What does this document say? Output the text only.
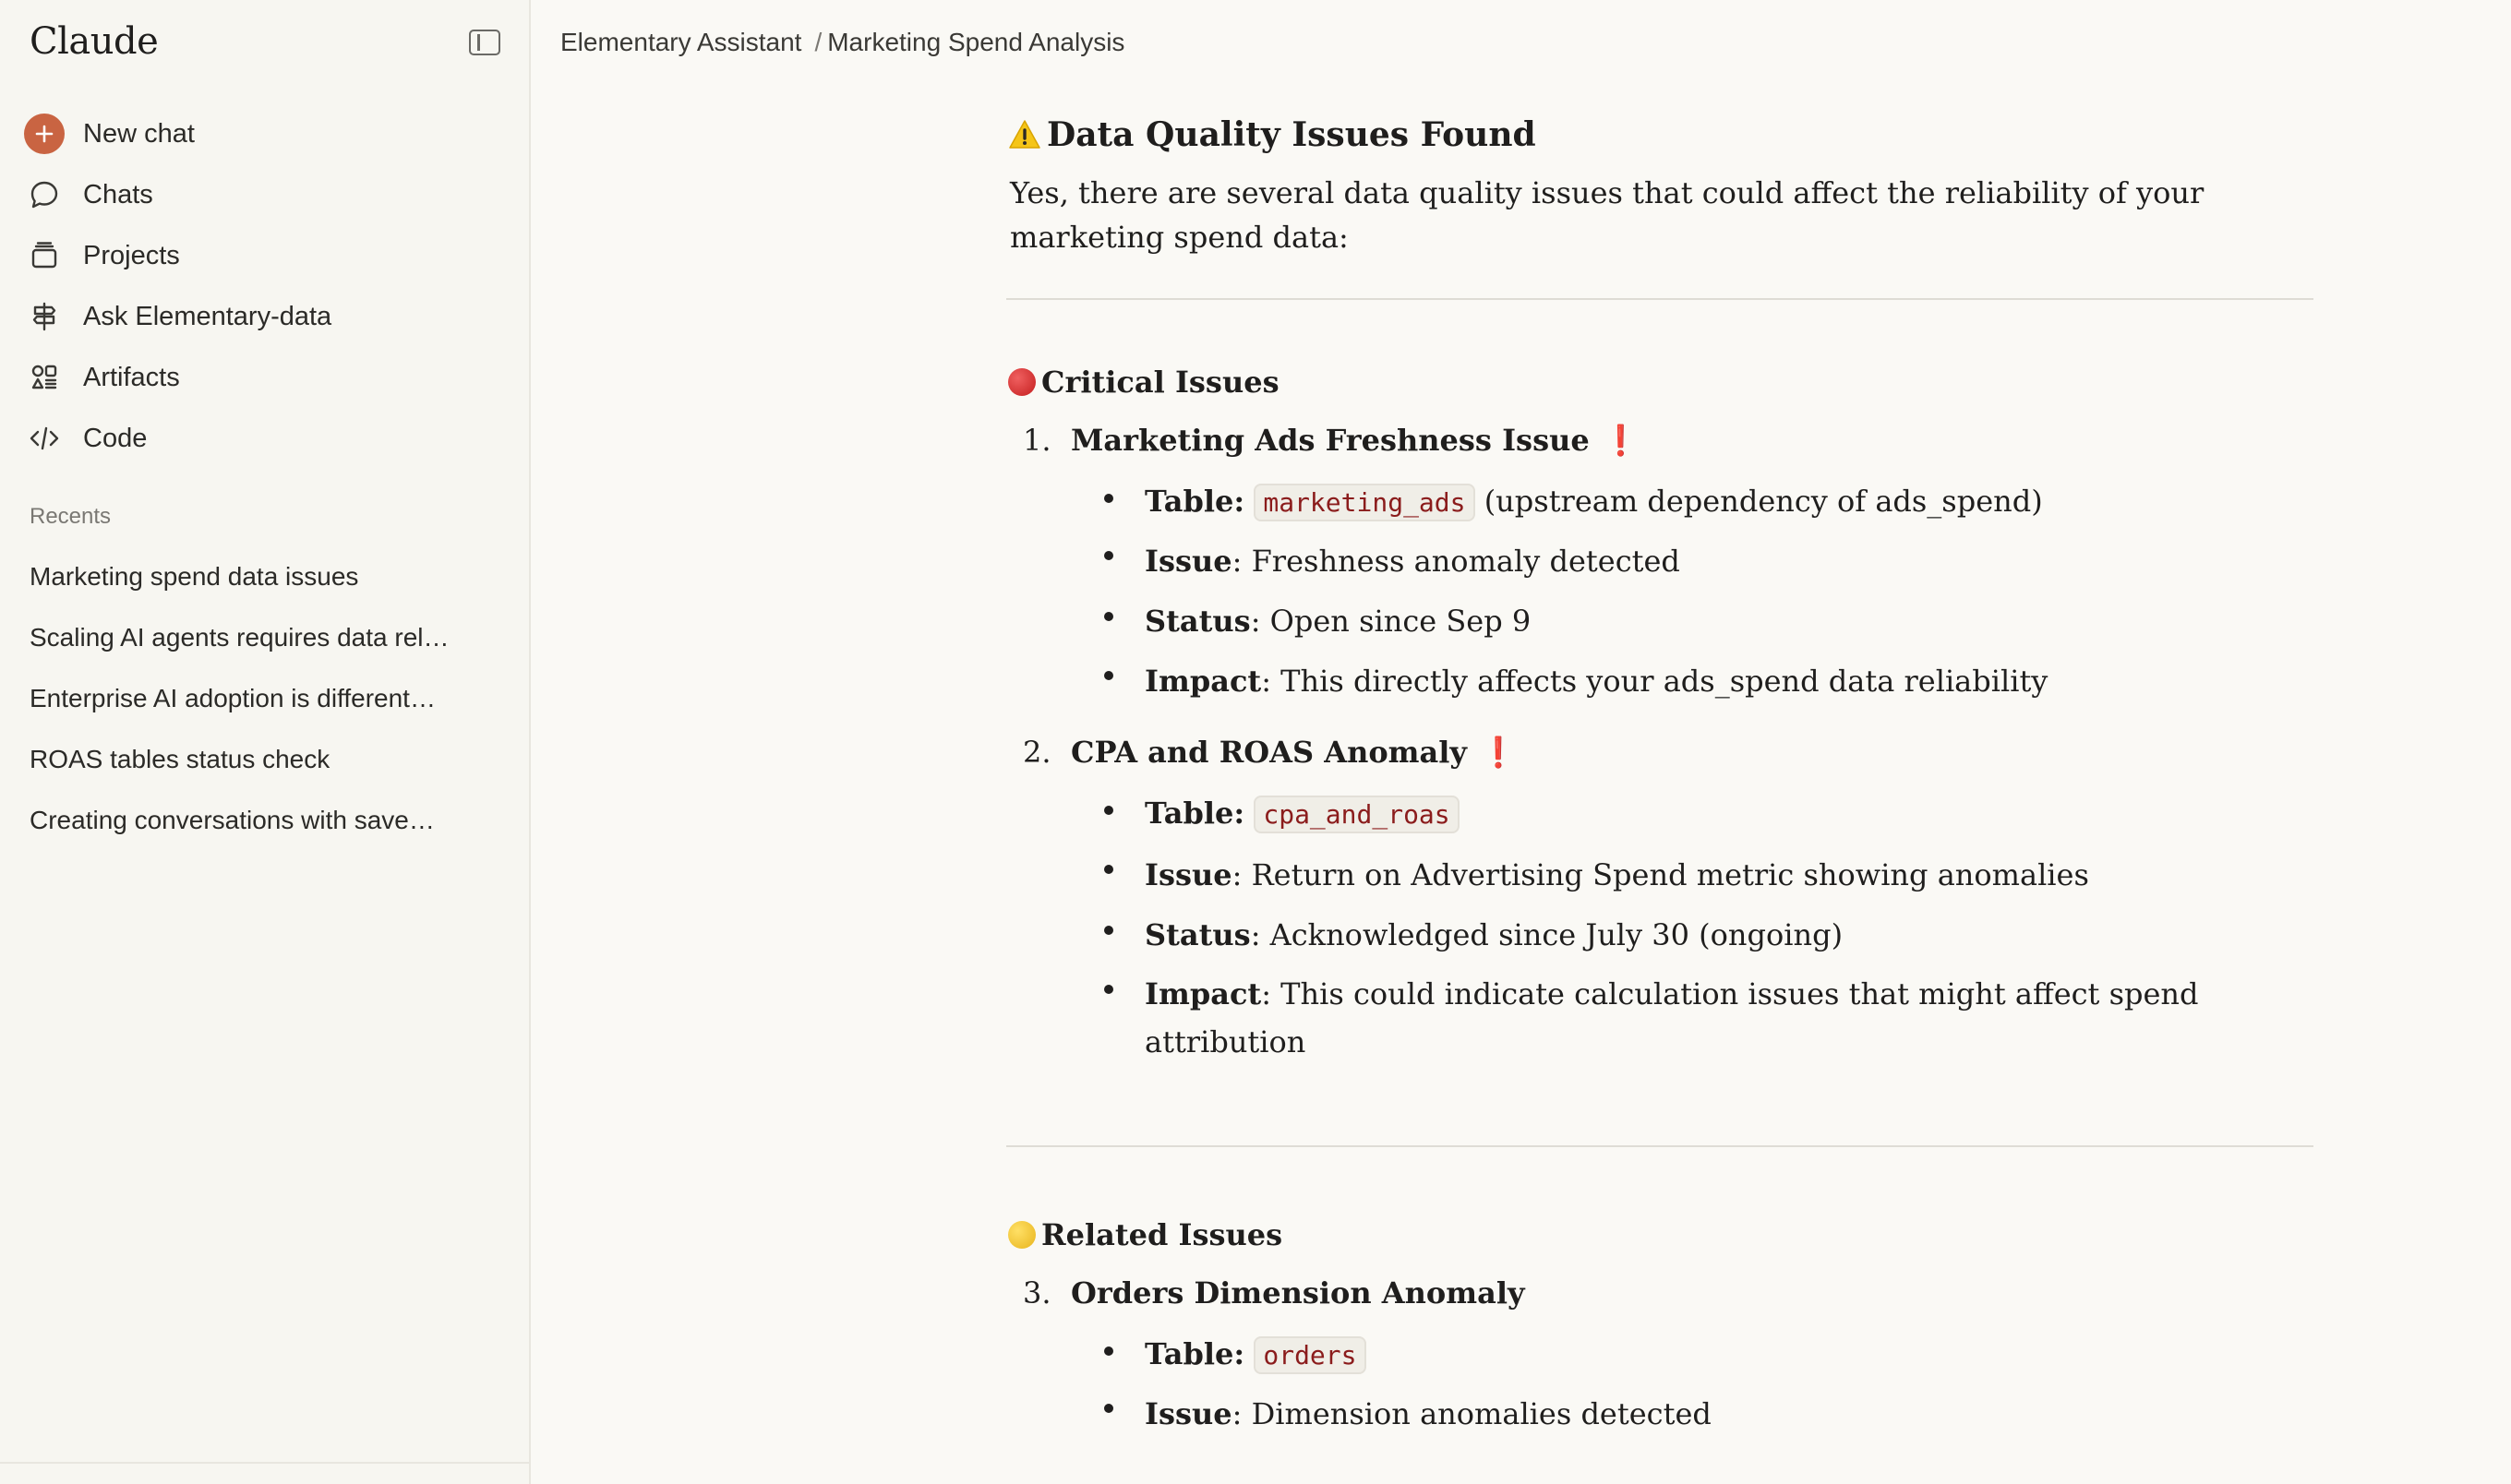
Claude
New chat
Chats
Projects
Ask Elementary-data
Artifacts
Code
Recents
Marketing spend data issues
Scaling AI agents requires data rel…
Enterprise AI adoption is different…
ROAS tables status check
Creating conversations with save…
Elementary Assistant / Marketing Spend Analysis
Data Quality Issues Found
Yes, there are several data quality issues that could affect the reliability of your marketing spend data:
Critical Issues
1. Marketing Ads Freshness Issue ❗
Table: marketing_ads (upstream dependency of ads_spend)
Issue: Freshness anomaly detected
Status: Open since Sep 9
Impact: This directly affects your ads_spend data reliability
2. CPA and ROAS Anomaly ❗
Table: cpa_and_roas
Issue: Return on Advertising Spend metric showing anomalies
Status: Acknowledged since July 30 (ongoing)
Impact: This could indicate calculation issues that might affect spend attribution
Related Issues
3. Orders Dimension Anomaly
Table: orders
Issue: Dimension anomalies detected
